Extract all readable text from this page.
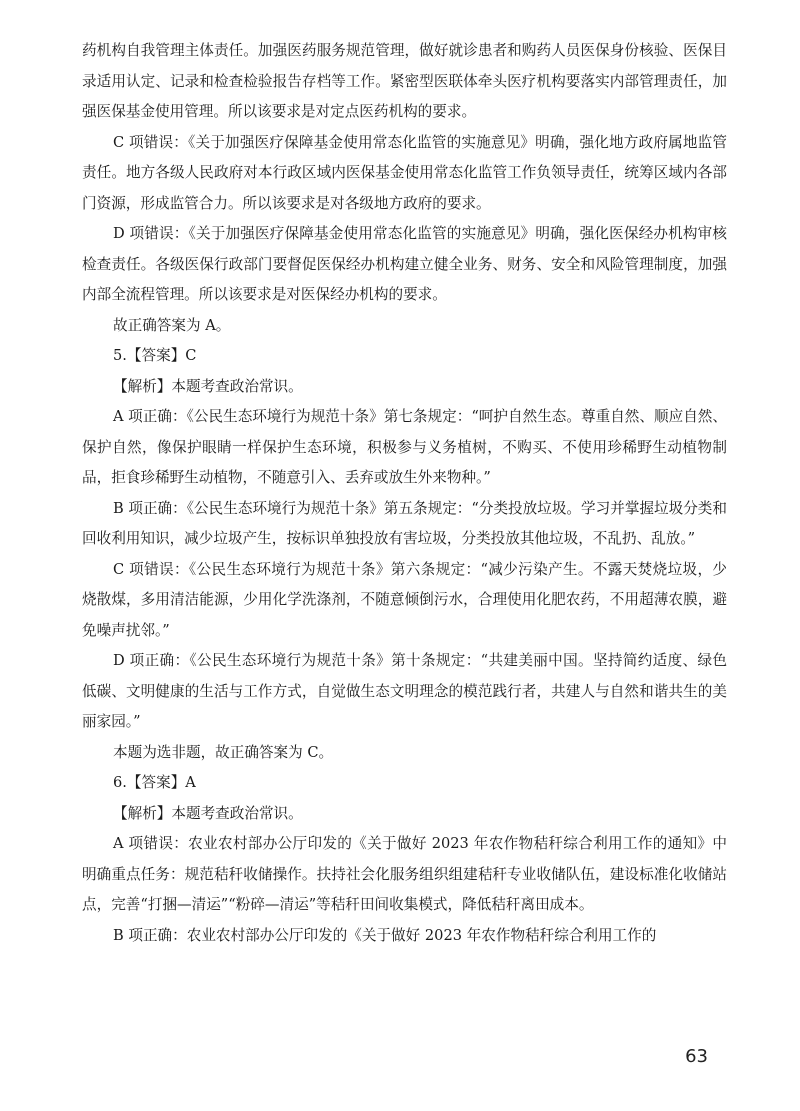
药机构自我管理主体责任。加强医药服务规范管理，做好就诊患者和购药人员医保身份核验、医保目录适用认定、记录和检查检验报告存档等工作。紧密型医联体牵头医疗机构要落实内部管理责任，加强医保基金使用管理。所以该要求是对定点医药机构的要求。

C 项错误：《关于加强医疗保障基金使用常态化监管的实施意见》明确，强化地方政府属地监管责任。地方各级人民政府对本行政区域内医保基金使用常态化监管工作负领导责任，统筹区域内各部门资源，形成监管合力。所以该要求是对各级地方政府的要求。

D 项错误：《关于加强医疗保障基金使用常态化监管的实施意见》明确，强化医保经办机构审核检查责任。各级医保行政部门要督促医保经办机构建立健全业务、财务、安全和风险管理制度，加强内部全流程管理。所以该要求是对医保经办机构的要求。

故正确答案为 A。

5.【答案】C

【解析】本题考查政治常识。

A 项正确：《公民生态环境行为规范十条》第七条规定：“呵护自然生态。尊重自然、顺应自然、保护自然，像保护眼睛一样保护生态环境，积极参与义务植树，不购买、不使用珍稀野生动植物制品，拒食珍稀野生动植物，不随意引入、丢弃或放生外来物种。”

B 项正确：《公民生态环境行为规范十条》第五条规定：“分类投放垃圾。学习并掌握垃圾分类和回收利用知识，减少垃圾产生，按标识单独投放有害垃圾，分类投放其他垃圾，不乱扔、乱放。”

C 项错误：《公民生态环境行为规范十条》第六条规定：“减少污染产生。不露天焚烧垃圾，少烧散煤，多用清洁能源，少用化学洗涤剂，不随意倾倒污水，合理使用化肥农药，不用超薄农膜，避免噪声扰邻。”

D 项正确：《公民生态环境行为规范十条》第十条规定：“共建美丽中国。坚持简约适度、绿色低碳、文明健康的生活与工作方式，自觉做生态文明理念的模范践行者，共建人与自然和谐共生的美丽家园。”

本题为选非题，故正确答案为 C。

6.【答案】A

【解析】本题考查政治常识。

A 项错误：农业农村部办公厅印发的《关于做好 2023 年农作物秸秆综合利用工作的通知》中明确重点任务：规范秸秆收储操作。扶持社会化服务组织组建秸秆专业收储队伍，建设标准化收储站点，完善“打捆—清运”“粉碎—清运”等秸秆田间收集模式，降低秸秆离田成本。

B 项正确：农业农村部办公厅印发的《关于做好 2023 年农作物秸秆综合利用工作的

63
